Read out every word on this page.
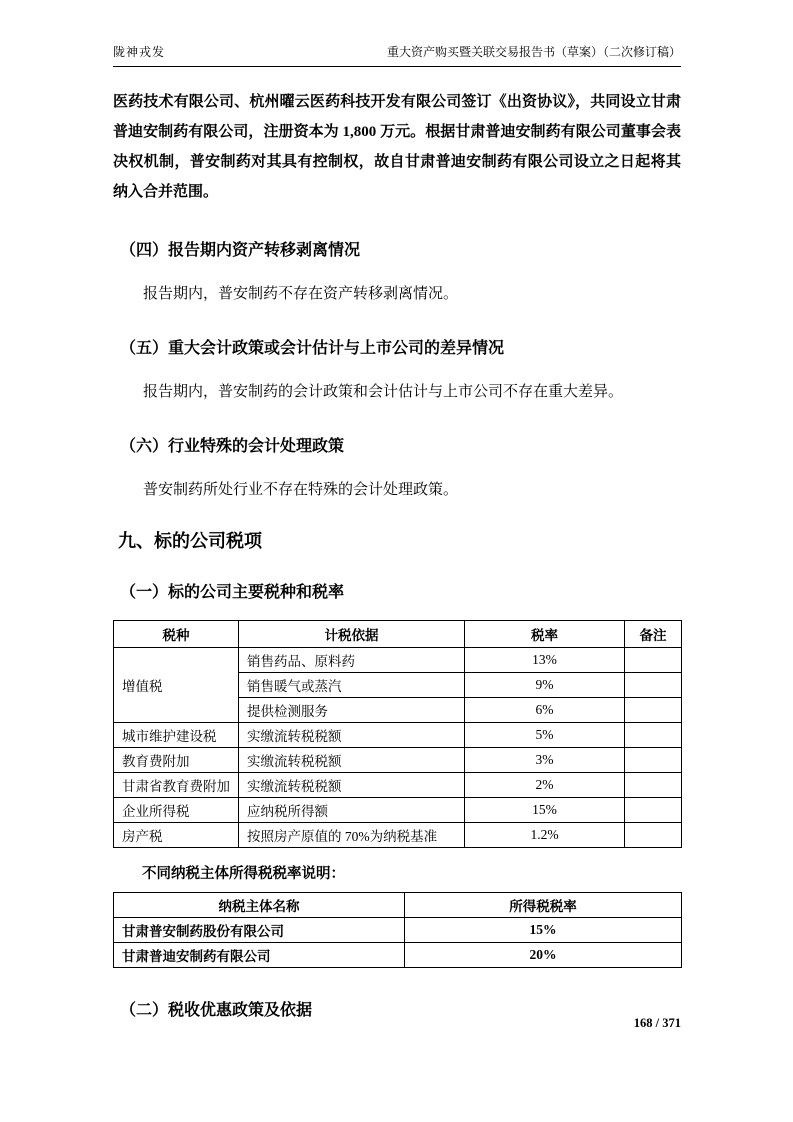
陇神戎发	重大资产购买暨关联交易报告书（草案）（二次修订稿）

医药技术有限公司、杭州曜云医药科技开发有限公司签订《出资协议》，共同设立甘肃普迪安制药有限公司，注册资本为 1,800 万元。根据甘肃普迪安制药有限公司董事会表决权机制，普安制药对其具有控制权，故自甘肃普迪安制药有限公司设立之日起将其纳入合并范围。

（四）报告期内资产转移剥离情况

报告期内，普安制药不存在资产转移剥离情况。

（五）重大会计政策或会计估计与上市公司的差异情况

报告期内，普安制药的会计政策和会计估计与上市公司不存在重大差异。

（六）行业特殊的会计处理政策

普安制药所处行业不存在特殊的会计处理政策。

九、标的公司税项
（一）标的公司主要税种和税率
税种	计税依据	税率	备注
增值税	销售药品、原料药	13%	
	销售暖气或蒸汽	9%	
	提供检测服务	6%	
城市维护建设税	实缴流转税税额	5%	
教育费附加	实缴流转税税额	3%	
甘肃省教育费附加	实缴流转税税额	2%	
企业所得税	应纳税所得额	15%	
房产税	按照房产原值的 70%为纳税基准	1.2%	

不同纳税主体所得税税率说明：

纳税主体名称	所得税税率
甘肃普安制药股份有限公司	15%
甘肃普迪安制药有限公司	20%
（二）税收优惠政策及依据
168 / 371
